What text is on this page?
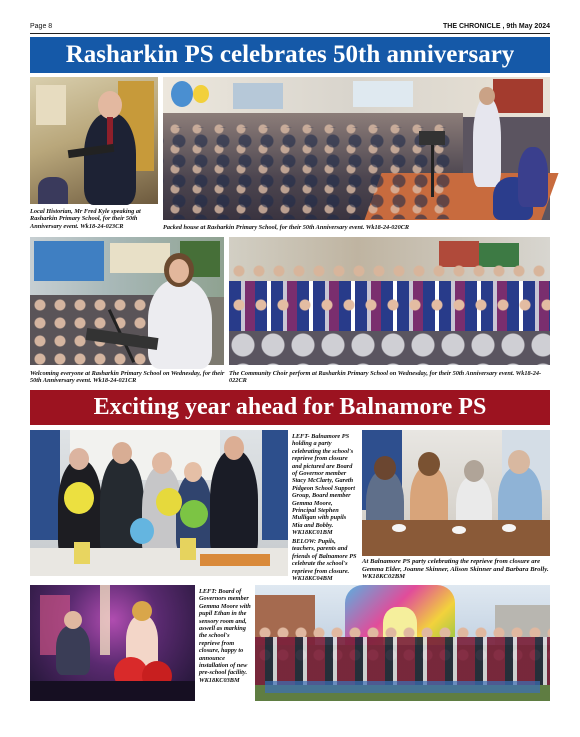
Page 8	THE CHRONICLE , 9th May 2024
Rasharkin PS celebrates 50th anniversary
Local Historian, Mr Fred Kyle speaking at Rasharkin Primary School, for their 50th Anniversary event. Wk18-24-023CR	Packed house at Rasharkin Primary School, for their 50th Anniversary event. Wk18-24-020CR
Welcoming everyone at Rasharkin Primary School on Wednesday, for their 50th Anniversary event. Wk18-24-021CR
The Community Choir perform at Rasharkin Primary School on Wednesday, for their 50th Anniversary event. Wk18-24-022CR
Exciting year ahead for Balnamore PS
LEFT- Balnamore PS holding a party celebrating the school's reprieve from closure and pictured are Board of Governor member Stacy McClarty, Gareth Pidgeon School Support Group, Board member Gemma Moore, Principal Stephen Mulligan with pupils Mia and Bobby. WK18KC01BM
BELOW: Pupils, teachers, parents and friends of Balnamore PS celebrate the school's reprieve from closure. WK18KC04BM
At Balnamore PS party celebrating the reprieve from closure are Gemma Elder, Joanne Skinner, Alison Skinner and Barbara Brolly. WK18KC02BM
LEFT: Board of Governors member Gemma Moore with pupil Ethan in the sensory room and, aswell as marking the school's reprieve from closure, happy to announce installation of new pre-school facility. WK18KC03BM
